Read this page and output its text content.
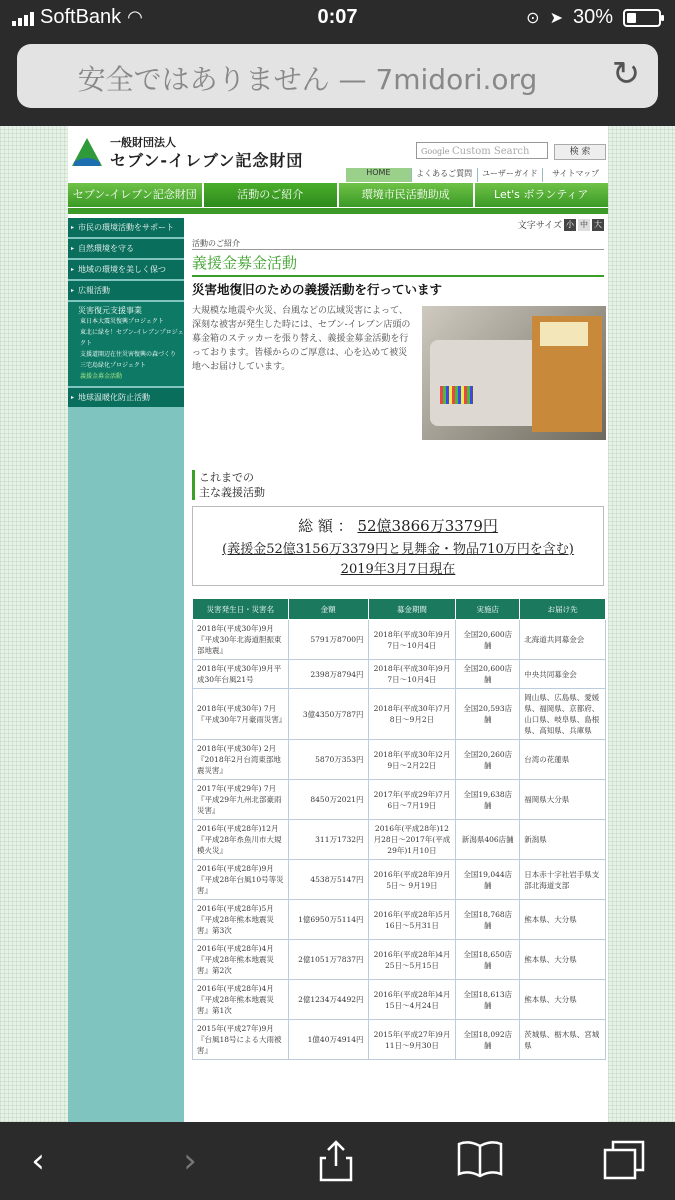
SoftBank ◠	0:07	⊙ ➤ 30%
安全ではありません — 7midori.org	↻
一般財団法人
セブン-イレブン記念財団	Google Custom Search	検 索
HOME	よくあるご質問	ユーザーガイド	サイトマップ
セブン-イレブン記念財団	活動のご紹介	環境市民活動助成	Let's ボランティア
▸ 市民の環境活動をサポート
▸ 自然環境を守る
▸ 地域の環境を美しく保つ
▸ 広報活動
災害復元支援事業
東日本大震災復興プロジェクト
東北に緑を！セブン-イレブンプロジェクト
支援道開辺在住災害復興の森づくり
三宅島緑化プロジェクト
義援金募金活動
▸ 地球温暖化防止活動
文字サイズ 小 中 大
活動のご紹介
義援金募金活動
災害地復旧のための義援活動を行っています
大規模な地震や火災、台風などの広域災害によって、深刻な被害が発生した時には、セブン-イレブン店頭の募金箱のステッカーを張り替え、義援金募金活動を行っております。皆様からのご厚意は、心を込めて被災地へお届けしています。
これまでの
主な義援活動
総 額 ： 52億3866万3379円
(義援金52億3156万3379円と見舞金・物品710万円を含む) 2019年3月7日現在
災害発生日・災害名	金額	募金期間	実施店	お届け先
2018年(平成30年)9月『平成30年北海道胆振東部地震』	5791万8700円	2018年(平成30年)9月7日〜10月4日	全国20,600店舗	北海道共同募金会
2018年(平成30年)9月平成30年台風21号	2398万8794円	2018年(平成30年)9月7日〜10月4日	全国20,600店舗	中央共同募金会
2018年(平成30年) 7月『平成30年7月豪雨災害』	3億4350万787円	2018年(平成30年)7月8日〜9月2日	全国20,593店舗	岡山県、広島県、愛媛県、福岡県、京都府、山口県、岐阜県、島根県、高知県、兵庫県
2018年(平成30年) 2月『2018年2月台湾東部地震災害』	5870万353円	2018年(平成30年)2月9日〜2月22日	全国20,260店舗	台湾の花蓮県
2017年(平成29年) 7月『平成29年九州北部豪雨災害』	8450万2021円	2017年(平成29年)7月6日〜7月19日	全国19,638店舗	福岡県大分県
2016年(平成28年)12月『平成28年糸魚川市大規模火災』	311万1732円	2016年(平成28年)12月28日〜2017年(平成29年)1月10日	新潟県406店舗	新潟県
2016年(平成28年)9月『平成28年台風10号等災害』	4538万5147円	2016年(平成28年)9月5日〜 9月19日	全国19,044店舗	日本赤十字社岩手県支部北海道支部
2016年(平成28年)5月『平成28年熊本地震災害』第3次	1億6950万5114円	2016年(平成28年)5月16日〜5月31日	全国18,768店舗	熊本県、大分県
2016年(平成28年)4月『平成28年熊本地震災害』第2次	2億1051万7837円	2016年(平成28年)4月25日〜5月15日	全国18,650店舗	熊本県、大分県
2016年(平成28年)4月『平成28年熊本地震災害』第1次	2億1234万4492円	2016年(平成28年)4月15日〜4月24日	全国18,613店舗	熊本県、大分県
2015年(平成27年)9月『台風18号による大雨被害』	1億40万4914円	2015年(平成27年)9月11日〜9月30日	全国18,092店舗	茨城県、栃木県、宮城県
‹	›
